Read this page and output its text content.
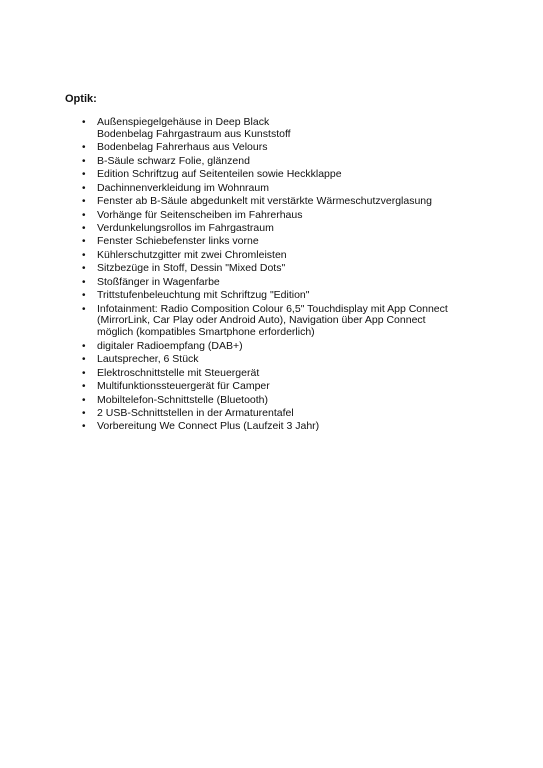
Optik:

• Außenspiegelgehäuse in Deep Black
Bodenbelag Fahrgastraum aus Kunststoff
• Bodenbelag Fahrerhaus aus Velours
• B-Säule schwarz Folie, glänzend
• Edition Schriftzug auf Seitenteilen sowie Heckklappe
• Dachinnenverkleidung im Wohnraum
• Fenster ab B-Säule abgedunkelt mit verstärkte Wärmeschutzverglasung
• Vorhänge für Seitenscheiben im Fahrerhaus
• Verdunkelungsrollos im Fahrgastraum
• Fenster Schiebefenster links vorne
• Kühlerschutzgitter mit zwei Chromleisten
• Sitzbezüge in Stoff, Dessin "Mixed Dots"
• Stoßfänger in Wagenfarbe
• Trittstufenbeleuchtung mit Schriftzug "Edition"
• Infotainment: Radio Composition Colour 6,5" Touchdisplay mit App Connect
(MirrorLink, Car Play oder Android Auto), Navigation über App Connect
möglich (kompatibles Smartphone erforderlich)
• digitaler Radioempfang (DAB+)
• Lautsprecher, 6 Stück
• Elektroschnittstelle mit Steuergerät
• Multifunktionssteuergerät für Camper
• Mobiltelefon-Schnittstelle (Bluetooth)
• 2 USB-Schnittstellen in der Armaturentafel
• Vorbereitung We Connect Plus (Laufzeit 3 Jahr)
